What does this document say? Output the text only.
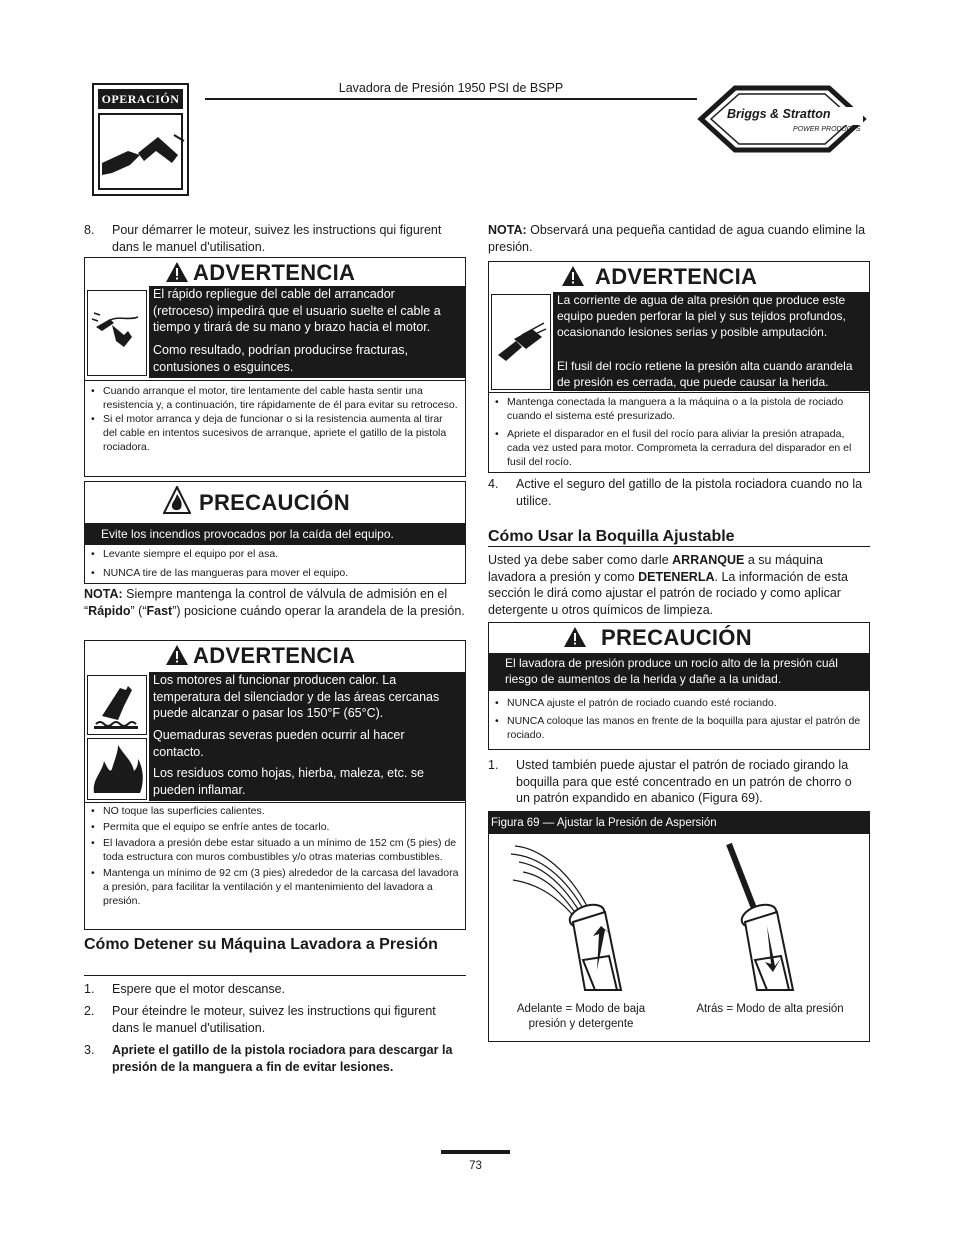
OPERACIÓN
Lavadora de Presión 1950 PSI de BSPP
Briggs & Stratton
POWER PRODUCTS
8. Pour démarrer le moteur, suivez les instructions qui figurent dans le manuel d'utilisation.
ADVERTENCIA
El rápido repliegue del cable del arrancador (retroceso) impedirá que el usuario suelte el cable a tiempo y tirará de su mano y brazo hacia el motor.
Como resultado, podrían producirse fracturas, contusiones o esguinces.
• Cuando arranque el motor, tire lentamente del cable hasta sentir una resistencia y, a continuación, tire rápidamente de él para evitar su retroceso.
• Si el motor arranca y deja de funcionar o si la resistencia aumenta al tirar del cable en intentos sucesivos de arranque, apriete el gatillo de la pistola rociadora.
PRECAUCIÓN
Evite los incendios provocados por la caída del equipo.
• Levante siempre el equipo por el asa.
• NUNCA tire de las mangueras para mover el equipo.
NOTA: Siempre mantenga la control de válvula de admisión en el “Rápido” (“Fast”) posicione cuándo operar la arandela de la presión.
ADVERTENCIA
Los motores al funcionar producen calor. La temperatura del silenciador y de las áreas cercanas puede alcanzar o pasar los 150°F (65°C).
Quemaduras severas pueden ocurrir al hacer contacto.
Los residuos como hojas, hierba, maleza, etc. se pueden inflamar.
• NO toque las superficies calientes.
• Permita que el equipo se enfríe antes de tocarlo.
• El lavadora a presión debe estar situado a un mínimo de 152 cm (5 pies) de toda estructura con muros combustibles y/o otras materias combustibles.
• Mantenga un mínimo de 92 cm (3 pies) alrededor de la carcasa del lavadora a presión, para facilitar la ventilación y el mantenimiento del lavadora a presión.
Cómo Detener su Máquina Lavadora a Presión
1. Espere que el motor descanse.
2. Pour éteindre le moteur, suivez les instructions qui figurent dans le manuel d'utilisation.
3. Apriete el gatillo de la pistola rociadora para descargar la presión de la manguera a fin de evitar lesiones.
NOTA: Observará una pequeña cantidad de agua cuando elimine la presión.
ADVERTENCIA
La corriente de agua de alta presión que produce este equipo pueden perforar la piel y sus tejidos profundos, ocasionando lesiones serias y posible amputación.
El fusil del rocío retiene la presión alta cuando arandela de presión es cerrada, que puede causar la herida.
• Mantenga conectada la manguera a la máquina o a la pistola de rociado cuando el sistema esté presurizado.
• Apriete el disparador en el fusil del rocío para aliviar la presión atrapada, cada vez usted para motor. Comprometa la cerradura del disparador en el fusil del rocío.
4. Active el seguro del gatillo de la pistola rociadora cuando no la utilice.
Cómo Usar la Boquilla Ajustable
Usted ya debe saber como darle ARRANQUE a su máquina lavadora a presión y como DETENERLA. La información de esta sección le dirá como ajustar el patrón de rociado y como aplicar detergente u otros químicos de limpieza.
PRECAUCIÓN
El lavadora de presión produce un rocío alto de la presión cuál riesgo de aumentos de la herida y dañe a la unidad.
• NUNCA ajuste el patrón de rociado cuando esté rociando.
• NUNCA coloque las manos en frente de la boquilla para ajustar el patrón de rociado.
1. Usted también puede ajustar el patrón de rociado girando la boquilla para que esté concentrado en un patrón de chorro o un patrón expandido en abanico (Figura 69).
Figura 69 — Ajustar la Presión de Aspersión
Adelante = Modo de baja presión y detergente
Atrás = Modo de alta presión
73
